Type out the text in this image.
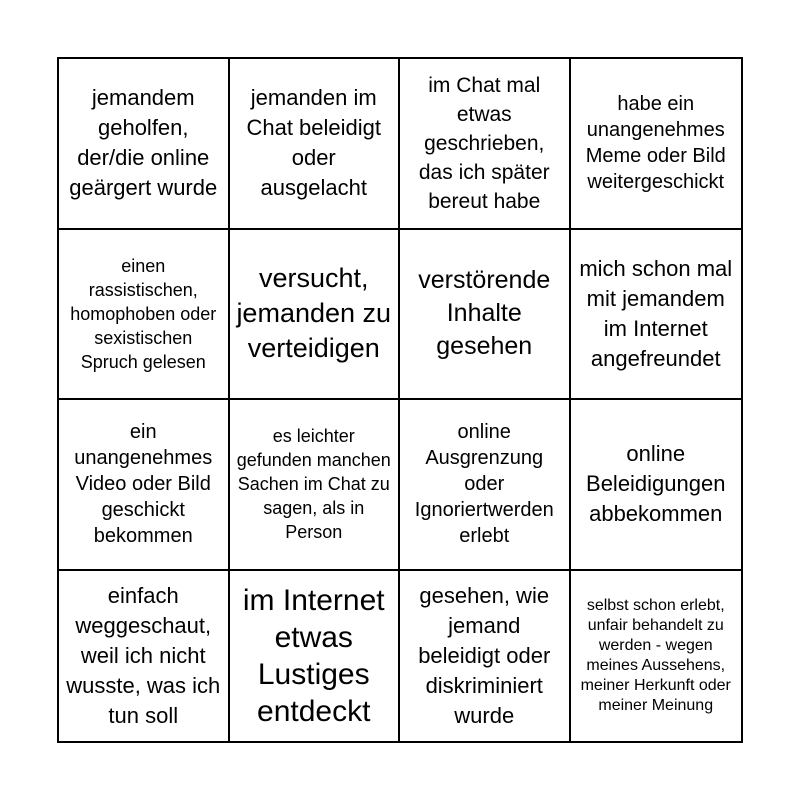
jemandem geholfen, der/die online geärgert wurde
jemanden im Chat beleidigt oder ausgelacht
im Chat mal etwas geschrieben, das ich später bereut habe
habe ein unangenehmes Meme oder Bild weitergeschickt
einen rassistischen, homophoben oder sexistischen Spruch gelesen
versucht, jemanden zu verteidigen
verstörende Inhalte gesehen
mich schon mal mit jemandem im Internet angefreundet
ein unangenehmes Video oder Bild geschickt bekommen
es leichter gefunden manchen Sachen im Chat zu sagen, als in Person
online Ausgrenzung oder Ignoriertwerden erlebt
online Beleidigungen abbekommen
einfach weggeschaut, weil ich nicht wusste, was ich tun soll
im Internet etwas Lustiges entdeckt
gesehen, wie jemand beleidigt oder diskriminiert wurde
selbst schon erlebt, unfair behandelt zu werden - wegen meines Aussehens, meiner Herkunft oder meiner Meinung
